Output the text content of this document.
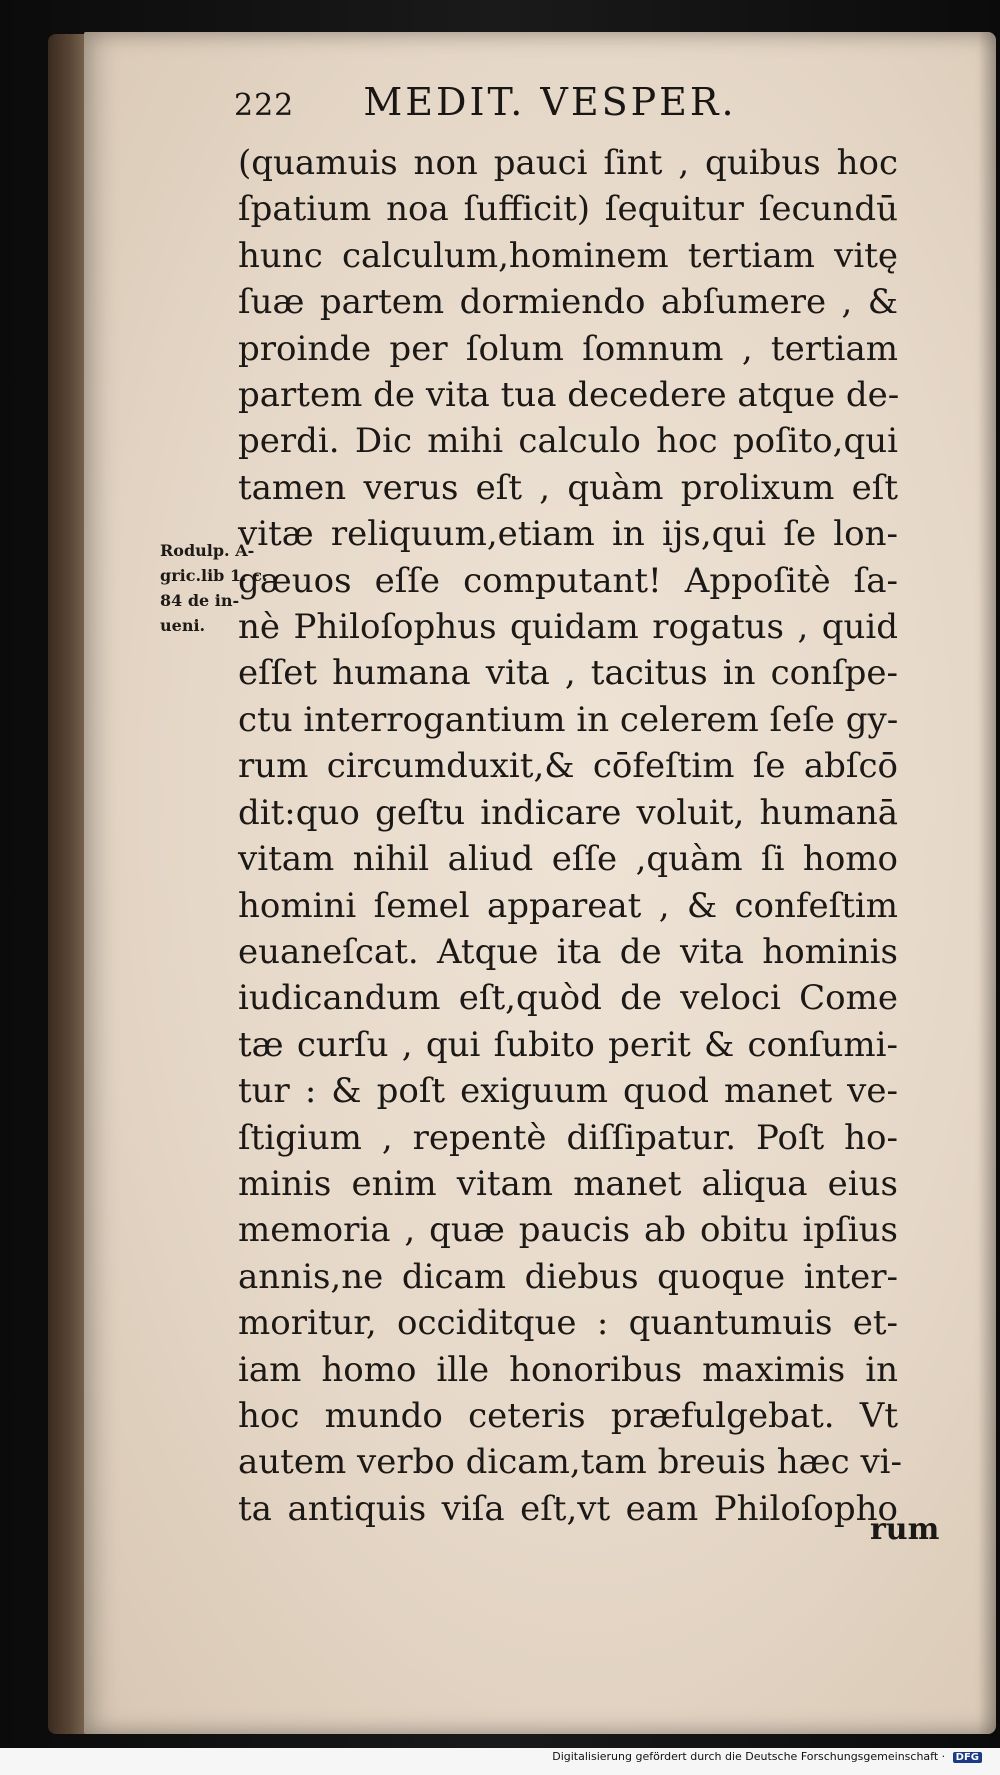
222 MEDIT. VESPER.
Rodulp. A-
gric.lib 1. c.
84 de in-
ueni.
(quamuis non pauci ſint , quibus hoc
ſpatium noa ſufficit) ſequitur ſecundū
hunc calculum,hominem tertiam vitę
ſuæ partem dormiendo abſumere , &
proinde per ſolum ſomnum , tertiam
partem de vita tua decedere atque de-
perdi. Dic mihi calculo hoc poſito,qui
tamen verus eſt , quàm prolixum eſt
vitæ reliquum,etiam in ijs,qui ſe lon-
gæuos eſſe computant! Appoſitè ſa-
nè Philoſophus quidam rogatus , quid
eſſet humana vita , tacitus in conſpe-
ctu interrogantium in celerem ſeſe gy-
rum circumduxit,& cōfeſtim ſe abſcō
dit:quo geſtu indicare voluit, humanā
vitam nihil aliud eſſe ,quàm ſi homo
homini ſemel appareat , & confeſtim
euaneſcat. Atque ita de vita hominis
iudicandum eſt,quòd de veloci Come
tæ curſu , qui ſubito perit & conſumi-
tur : & poſt exiguum quod manet ve-
ſtigium , repentè diſſipatur. Poſt ho-
minis enim vitam manet aliqua eius
memoria , quæ paucis ab obitu ipſius
annis,ne dicam diebus quoque inter-
moritur, occiditque : quantumuis et-
iam homo ille honoribus maximis in
hoc mundo ceteris præfulgebat. Vt
autem verbo dicam,tam breuis hæc vi-
ta antiquis viſa eſt,vt eam Philoſopho
rum
Digitalisierung gefördert durch die Deutsche Forschungsgemeinschaft · DFG
